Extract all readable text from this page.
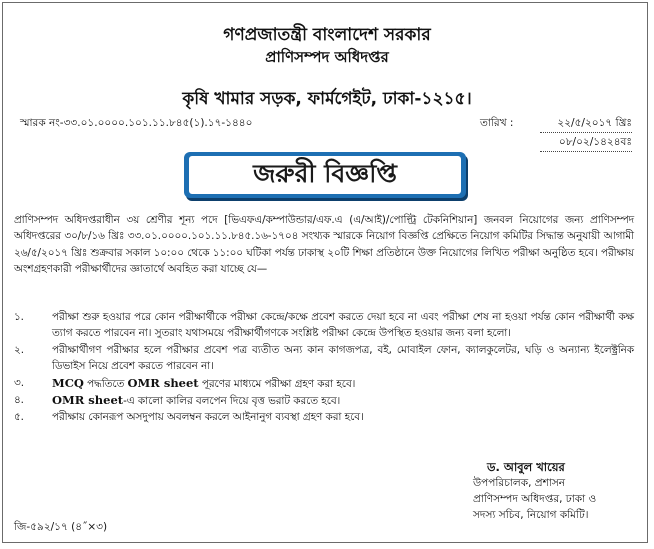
গণপ্রজাতন্ত্রী বাংলাদেশ সরকার
প্রাণিসম্পদ অধিদপ্তর
কৃষি খামার সড়ক, ফার্মগেইট, ঢাকা-১২১৫।
স্মারক নং-৩৩.০১.০০০০.১০১.১১.৮৪৫(১).১৭-১৪৪০	তারিখ :	২২/৫/২০১৭ খ্রিঃ
০৮/০২/১৪২৪বঃ
জরুরী বিজ্ঞপ্তি
প্রাণিসম্পদ অধিদপ্তরাধীন ৩য় শ্রেণীর শূন্য পদে [ভিএফএ/কম্পাউন্ডার/এফ.এ (এ/আই)/পোল্ট্রি টেকনিশিয়ান] জনবল নিয়োগের জন্য প্রাণিসম্পদ অধিদপ্তরের ৩০/৮/১৬ খ্রিঃ ৩৩.০১.০০০০.১০১.১১.৮৪৫.১৬-১৭০৪ সংখ্যক স্মারকে নিয়োগ বিজ্ঞপ্তি প্রেক্ষিতে নিয়োগ কমিটির সিদ্ধান্ত অনুযায়ী আগামী ২৬/৫/২০১৭ খ্রিঃ শুক্রবার সকাল ১০:০০ থেকে ১১:০০ ঘটিকা পর্যন্ত ঢাকাস্থ ২০টি শিক্ষা প্রতিষ্ঠানে উক্ত নিয়োগের লিখিত পরীক্ষা অনুষ্ঠিত হবে। পরীক্ষায় অংশগ্রহণকারী পরীক্ষার্থীদের জ্ঞাতার্থে অবহিত করা যাচ্ছে যে—
১.	পরীক্ষা শুরু হওয়ার পরে কোন পরীক্ষার্থীকে পরীক্ষা কেন্দ্রে/কক্ষে প্রবেশ করতে দেয়া হবে না এবং পরীক্ষা শেষ না হওয়া পর্যন্ত কোন পরীক্ষার্থী কক্ষ ত্যাগ করতে পারবেন না। সুতরাং যথাসময়ে পরীক্ষার্থীগণকে সংশ্লিষ্ট পরীক্ষা কেন্দ্রে উপস্থিত হওয়ার জন্য বলা হলো।
২.	পরীক্ষার্থীগণ পরীক্ষার হলে পরীক্ষার প্রবেশ পত্র ব্যতীত অন্য কান কাগজপত্র, বই, মোবাইল ফোন, ক্যালকুলেটর, ঘড়ি ও অন্যান্য ইলেক্ট্রনিক ডিভাইস নিয়ে প্রবেশ করতে পারবেন না।
৩.	MCQ পদ্ধতিতে OMR sheet পূরণের মাধ্যমে পরীক্ষা গ্রহণ করা হবে।
৪.	OMR sheet-এ কালো কালির বলপেন দিয়ে বৃত্ত ভরাট করতে হবে।
৫.	পরীক্ষায় কোনরূপ অসদুপায় অবলম্বন করলে আইনানুগ ব্যবস্থা গ্রহণ করা হবে।
ড. আবুল খায়ের
উপপরিচালক, প্রশাসন
প্রাণিসম্পদ অধিদপ্তর, ঢাকা ও
সদস্য সচিব, নিয়োগ কমিটি।
জি-৫৯২/১৭ (৪˝×৩)
